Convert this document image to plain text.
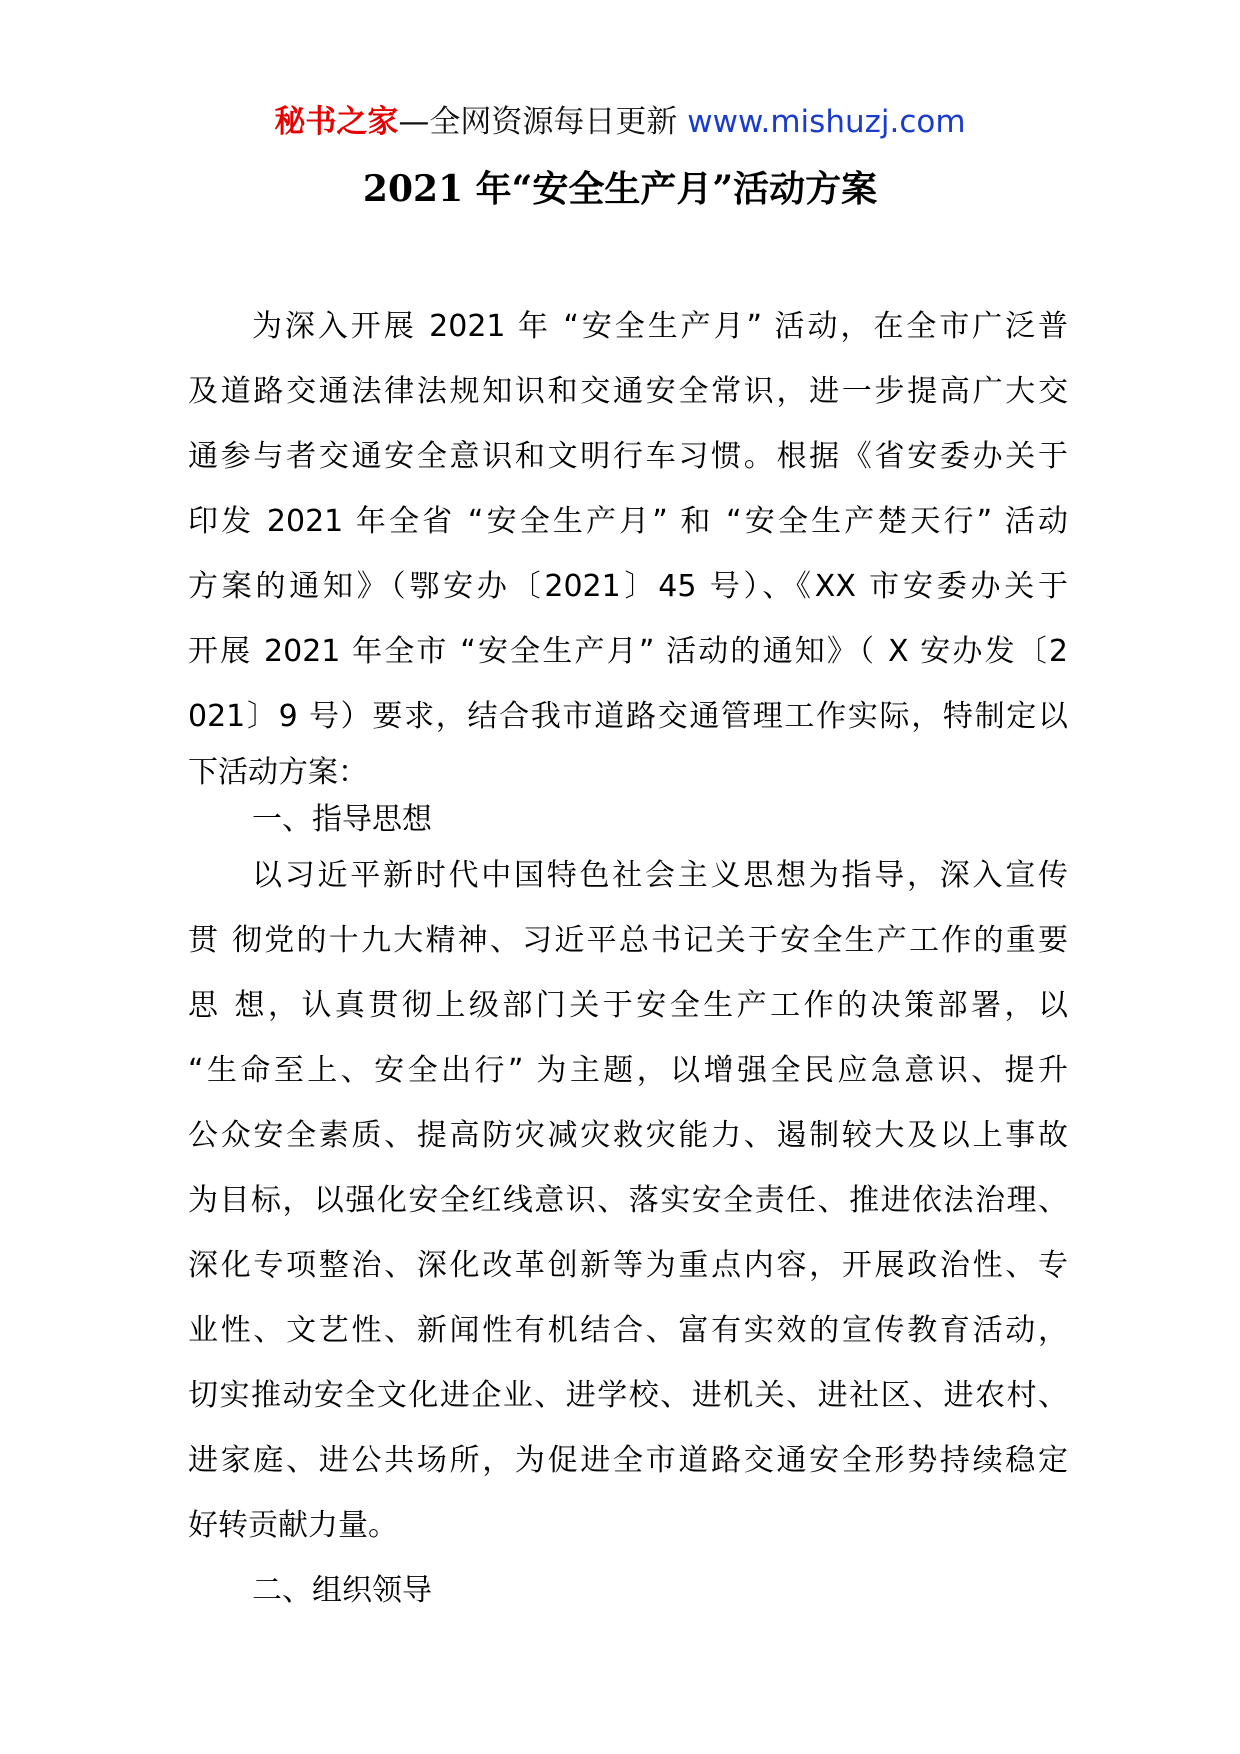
秘书之家—全网资源每日更新 www.mishuzj.com
2021 年“安全生产月”活动方案
为深入开展 2021 年 “安全生产月” 活动，在全市广泛普
及道路交通法律法规知识和交通安全常识，进一步提高广大交
通参与者交通安全意识和文明行车习惯。根据《省安委办关于
印发 2021 年全省 “安全生产月” 和 “安全生产楚天行” 活动
方案的通知》（鄂安办〔2021〕45 号）、《XX 市安委办关于
开展 2021 年全市 “安全生产月” 活动的通知》（ X 安办发〔2
021〕9 号）要求，结合我市道路交通管理工作实际，特制定以
下活动方案：
一、指导思想
以习近平新时代中国特色社会主义思想为指导，深入宣传
贯 彻党的十九大精神、习近平总书记关于安全生产工作的重要
思 想，认真贯彻上级部门关于安全生产工作的决策部署，以
“生命至上、安全出行” 为主题，以增强全民应急意识、提升
公众安全素质、提高防灾减灾救灾能力、遏制较大及以上事故
为目标，以强化安全红线意识、落实安全责任、推进依法治理、
深化专项整治、深化改革创新等为重点内容，开展政治性、专
业性、文艺性、新闻性有机结合、富有实效的宣传教育活动，
切实推动安全文化进企业、进学校、进机关、进社区、进农村、
进家庭、进公共场所，为促进全市道路交通安全形势持续稳定
好转贡献力量。
二、组织领导
